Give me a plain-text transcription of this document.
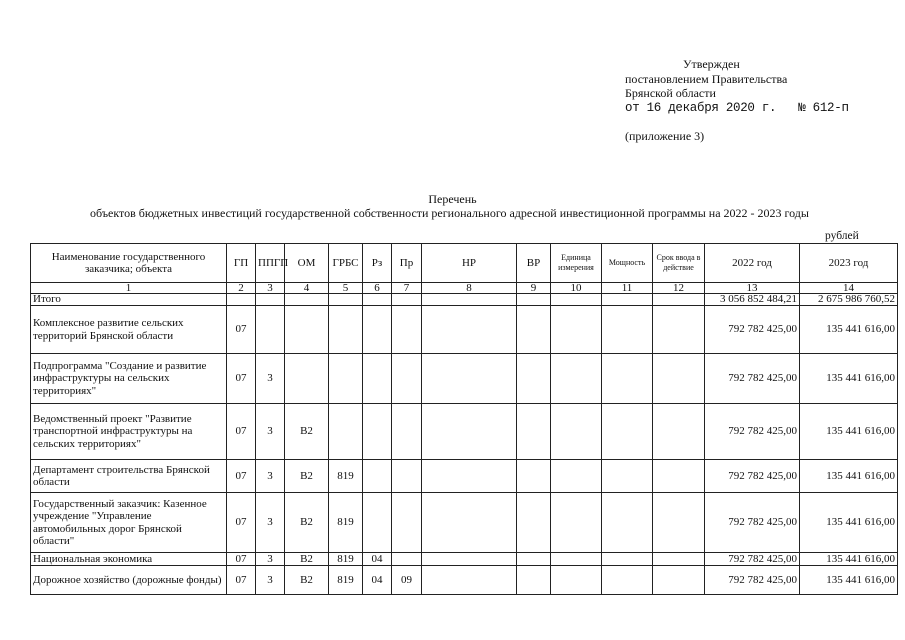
Утвержден
постановлением Правительства
Брянской области
от 16 декабря 2020 г. № 612-п
(приложение 3)
Перечень
объектов бюджетных инвестиций государственной собственности регионального адресной инвестиционной программы на 2022 - 2023 годы
рублей
Наименование государственного заказчика; объекта	ГП	ППГП	ОМ	ГРБС	Рз	Пр	НР	ВР	Единица измерения	Мощность	Срок ввода в действие	2022 год	2023 год
1	2	3	4	5	6	7	8	9	10	11	12	13	14
Итого												3 056 852 484,21	2 675 986 760,52
Комплексное развитие сельских территорий Брянской области	07											792 782 425,00	135 441 616,00
Подпрограмма "Создание и развитие инфраструктуры на сельских территориях"	07	3										792 782 425,00	135 441 616,00
Ведомственный проект "Развитие транспортной инфраструктуры на сельских территориях"	07	3	В2									792 782 425,00	135 441 616,00
Департамент строительства Брянской области	07	3	В2	819								792 782 425,00	135 441 616,00
Государственный заказчик: Казенное учреждение "Управление автомобильных дорог Брянской области"	07	3	В2	819								792 782 425,00	135 441 616,00
Национальная экономика	07	3	В2	819	04							792 782 425,00	135 441 616,00
Дорожное хозяйство (дорожные фонды)	07	3	В2	819	04	09						792 782 425,00	135 441 616,00
